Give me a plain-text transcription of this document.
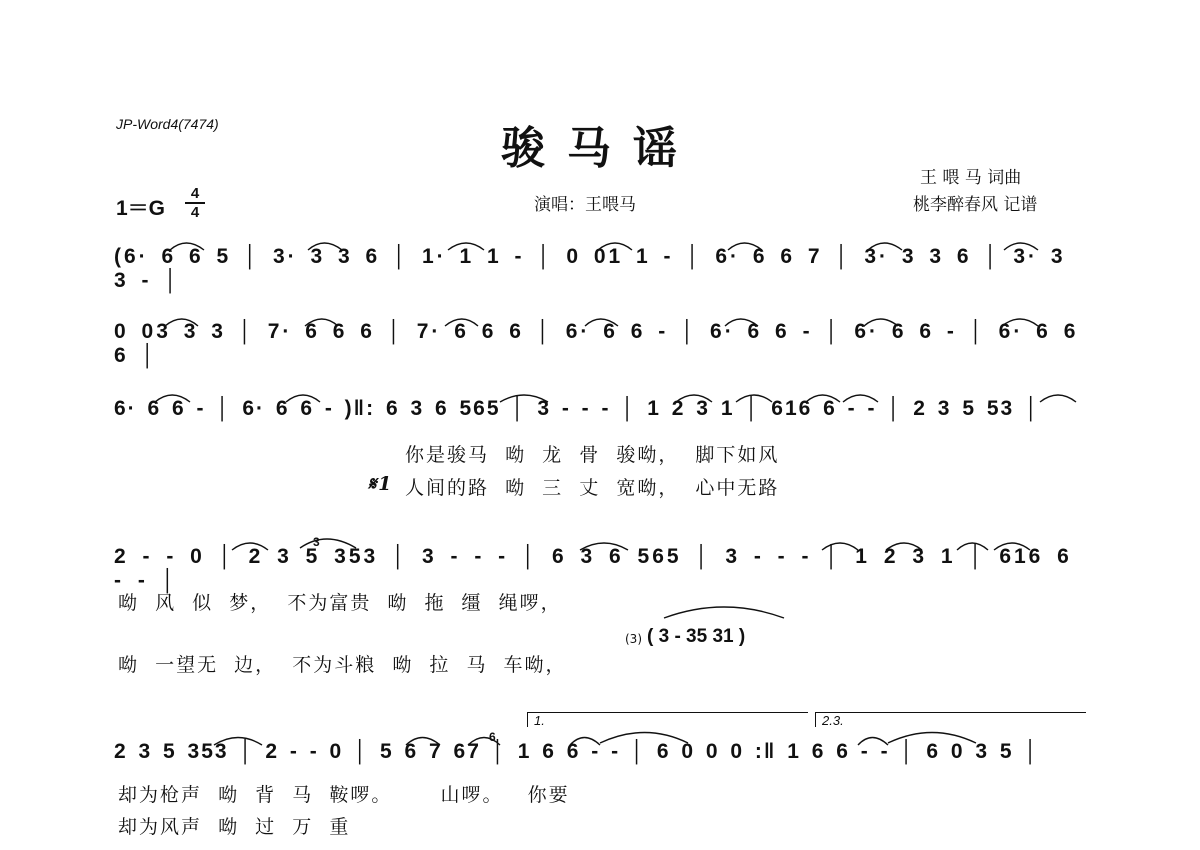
JP-Word4(7474)	骏马谣
王 喂 马 词曲
桃李醉春风 记谱
1＝G
4
4	演唱：王喂马
(6· 6 6 5 │ 3· 3 3 6 │ 1· 1 1 - │ 0 01 1 - │ 6· 6 6 7 │ 3· 3 3 6 │ 3· 3 3 - │
0 03 3 3 │ 7· 6 6 6 │ 7· 6 6 6 │ 6· 6 6 - │ 6· 6 6 - │ 6· 6 6 - │ 6· 6 6 6 │
6· 6 6 - │ 6· 6 6 - )‖: 6 3 6 565 │ 3 - - - │ 1 2 3 1 │ 616 6 - - │ 2 3 5 53 │
2 - - 0 │ 2 3 5 353 │ 3 - - - │ 6 3 6 565 │ 3 - - - │ 1 2 3 1 │ 616 6 - - │
2 3 5 353 │ 2 - - 0 │ 5 6 7 67 │ 1 6 6 - - │ 6 0 0 0 :‖ 1 6 6 - - │ 6 0 3 5 │
3
6
你是骏马  呦  龙  骨  骏呦，  脚下如风
𝄋1 人间的路  呦  三  丈  宽呦，  心中无路
呦  风  似  梦，  不为富贵  呦  拖  缰  绳啰，
呦  一望无  边，  不为斗粮  呦  拉  马  车呦，
却为枪声  呦  背  马  鞍啰。      山啰。   你要
却为风声  呦  过  万  重
(3) ( 3 - 35 31 )
1.	2.3.
